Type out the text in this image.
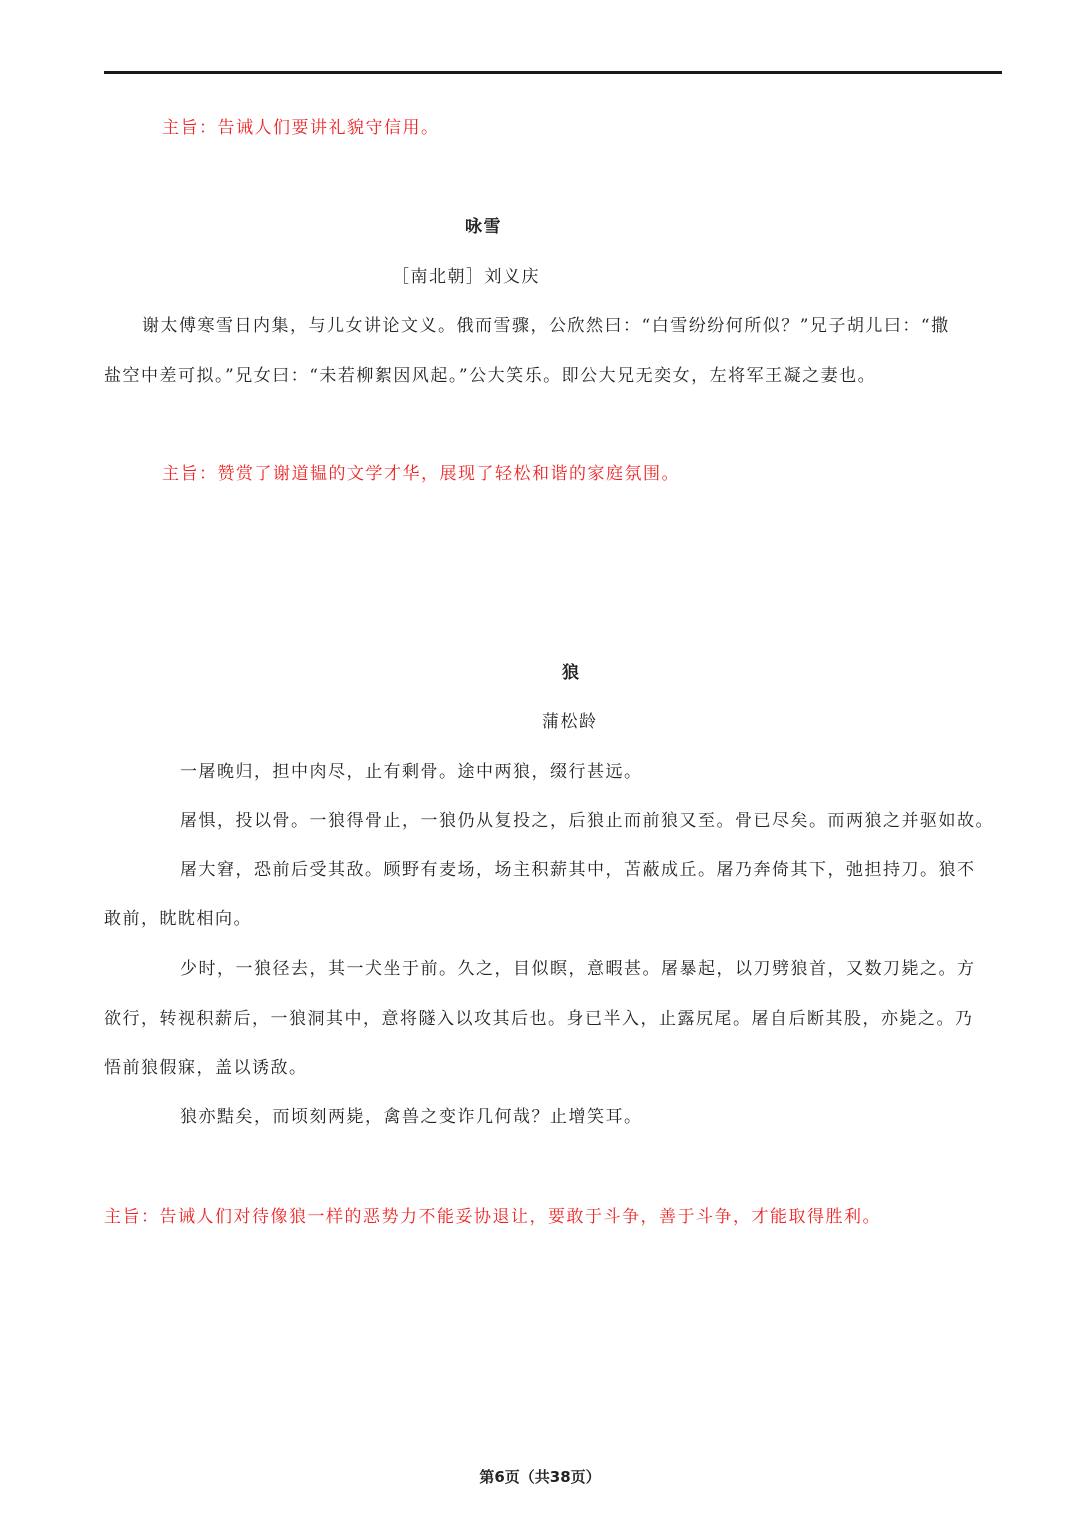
主旨：告诫人们要讲礼貌守信用。
咏雪
［南北朝］刘义庆
谢太傅寒雪日内集，与儿女讲论文义。俄而雪骤，公欣然曰：“白雪纷纷何所似？”兄子胡儿曰：“撒
盐空中差可拟。”兄女曰：“未若柳絮因风起。”公大笑乐。即公大兄无奕女，左将军王凝之妻也。
主旨：赞赏了谢道韫的文学才华，展现了轻松和谐的家庭氛围。
狼
蒲松龄
一屠晚归，担中肉尽，止有剩骨。途中两狼，缀行甚远。
屠惧，投以骨。一狼得骨止，一狼仍从复投之，后狼止而前狼又至。骨已尽矣。而两狼之并驱如故。
屠大窘，恐前后受其敌。顾野有麦场，场主积薪其中，苫蔽成丘。屠乃奔倚其下，弛担持刀。狼不
敢前，眈眈相向。
少时，一狼径去，其一犬坐于前。久之，目似瞑，意暇甚。屠暴起，以刀劈狼首，又数刀毙之。方
欲行，转视积薪后，一狼洞其中，意将隧入以攻其后也。身已半入，止露尻尾。屠自后断其股，亦毙之。乃
悟前狼假寐，盖以诱敌。
狼亦黠矣，而顷刻两毙，禽兽之变诈几何哉？止增笑耳。
主旨：告诫人们对待像狼一样的恶势力不能妥协退让，要敢于斗争，善于斗争，才能取得胜利。
第6页（共38页）
